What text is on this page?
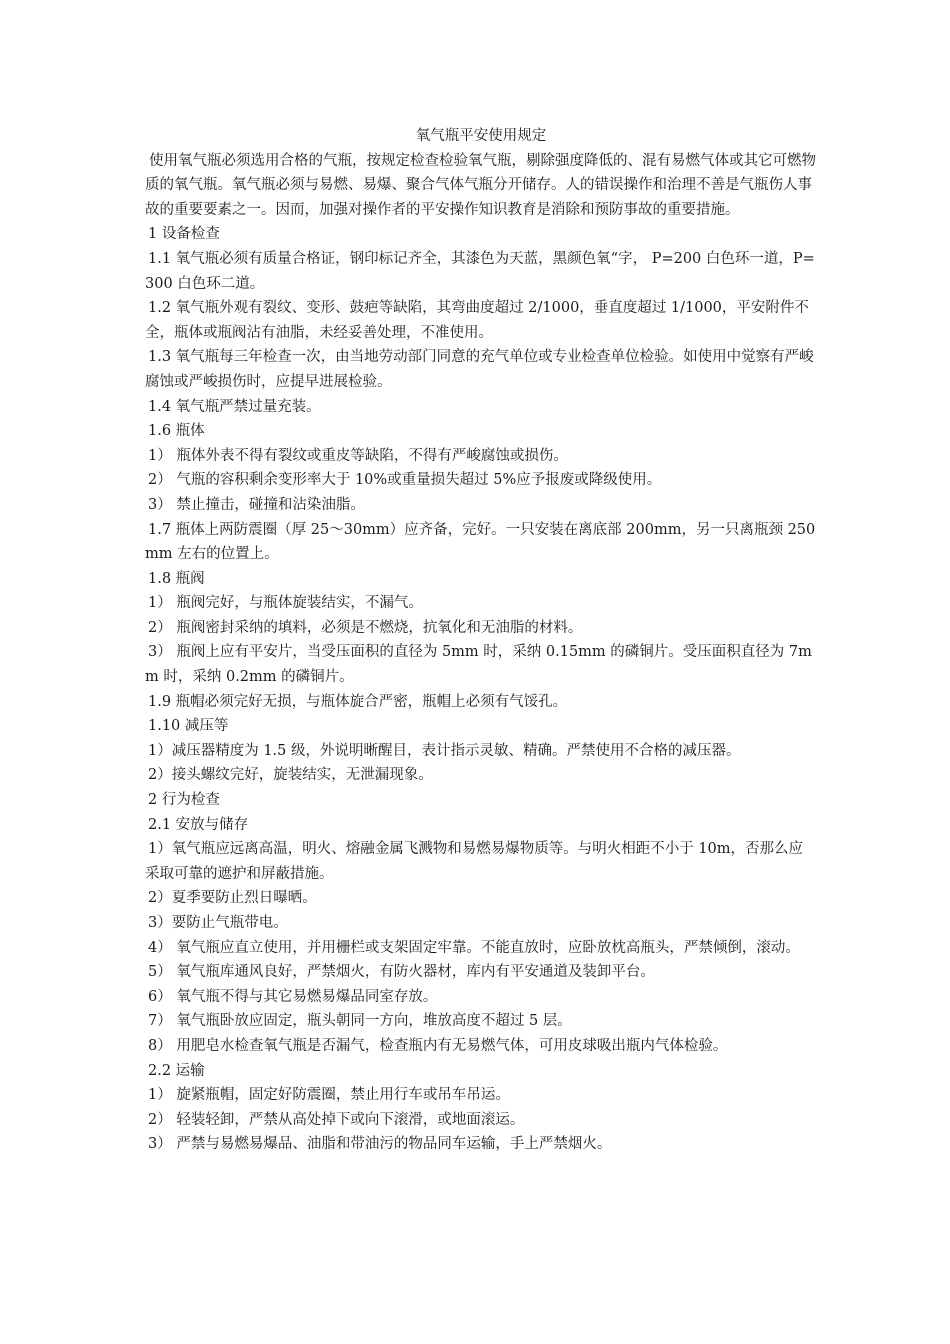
氧气瓶平安使用规定

使用氧气瓶必须选用合格的气瓶，按规定检查检验氧气瓶，剔除强度降低的、混有易燃气体或其它可燃物质的氧气瓶。氧气瓶必须与易燃、易爆、聚合气体气瓶分开储存。人的错误操作和治理不善是气瓶伤人事故的重要要素之一。因而，加强对操作者的平安操作知识教育是消除和预防事故的重要措施。

1 设备检查

1.1 氧气瓶必须有质量合格证，钢印标记齐全，其漆色为天蓝，黑颜色氧“字， P=200 白色环一道，P=300 白色环二道。

1.2 氧气瓶外观有裂纹、变形、鼓疤等缺陷，其弯曲度超过 2/1000，垂直度超过 1/1000，平安附件不全，瓶体或瓶阀沾有油脂，未经妥善处理，不准使用。

1.3 氧气瓶每三年检查一次，由当地劳动部门同意的充气单位或专业检查单位检验。如使用中觉察有严峻腐蚀或严峻损伤时，应提早进展检验。

1.4 氧气瓶严禁过量充装。

1.6 瓶体

1） 瓶体外表不得有裂纹或重皮等缺陷，不得有严峻腐蚀或损伤。

2） 气瓶的容积剩余变形率大于 10%或重量损失超过 5%应予报废或降级使用。

3） 禁止撞击，碰撞和沾染油脂。

1.7 瓶体上两防震圈（厚 25～30mm）应齐备，完好。一只安装在离底部 200mm，另一只离瓶颈 250mm 左右的位置上。

1.8 瓶阀

1） 瓶阀完好，与瓶体旋装结实，不漏气。

2） 瓶阀密封采纳的填料，必须是不燃烧，抗氧化和无油脂的材料。

3） 瓶阀上应有平安片，当受压面积的直径为 5mm 时，采纳 0.15mm 的磷铜片。受压面积直径为 7mm 时，采纳 0.2mm 的磷铜片。

1.9 瓶帽必须完好无损，与瓶体旋合严密，瓶帽上必须有气馁孔。

1.10 减压等

1）减压器精度为 1.5 级，外说明晰醒目，表计指示灵敏、精确。严禁使用不合格的减压器。

2）接头螺纹完好，旋装结实，无泄漏现象。

2 行为检查

2.1 安放与储存

1）氧气瓶应远离高温，明火、熔融金属飞溅物和易燃易爆物质等。与明火相距不小于 10m，否那么应采取可靠的遮护和屏蔽措施。

2）夏季要防止烈日曝晒。

3）要防止气瓶带电。

4） 氧气瓶应直立使用，并用栅栏或支架固定牢靠。不能直放时，应卧放枕高瓶头，严禁倾倒，滚动。

5） 氧气瓶库通风良好，严禁烟火，有防火器材，库内有平安通道及装卸平台。

6） 氧气瓶不得与其它易燃易爆品同室存放。

7） 氧气瓶卧放应固定，瓶头朝同一方向，堆放高度不超过 5 层。

8） 用肥皂水检查氧气瓶是否漏气，检查瓶内有无易燃气体，可用皮球吸出瓶内气体检验。

2.2 运输

1） 旋紧瓶帽，固定好防震圈，禁止用行车或吊车吊运。

2） 轻装轻卸，严禁从高处掉下或向下滚滑，或地面滚运。

3） 严禁与易燃易爆品、油脂和带油污的物品同车运输，手上严禁烟火。
